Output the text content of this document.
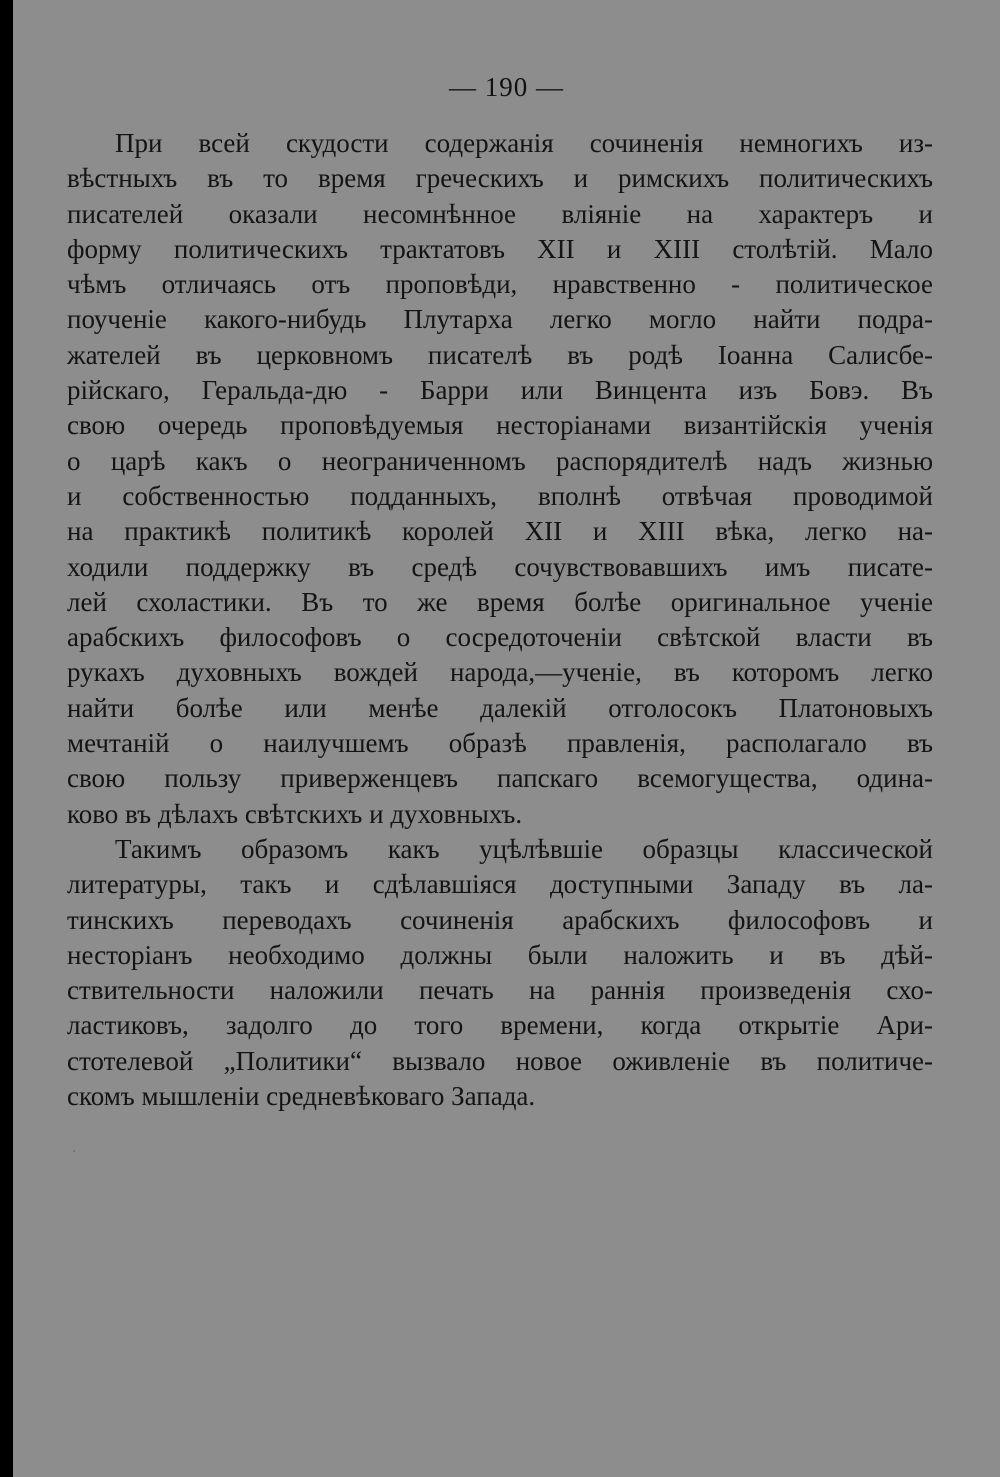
— 190 —
При всей скудости содержанія сочиненія немногихъ из-
вѣстныхъ въ то время греческихъ и римскихъ политическихъ
писателей оказали несомнѣнное вліяніе на характеръ и
форму политическихъ трактатовъ XII и XIII столѣтій. Мало
чѣмъ отличаясь отъ проповѣди, нравственно - политическое
поученіе какого-нибудь Плутарха легко могло найти подра-
жателей въ церковномъ писателѣ въ родѣ Іоанна Салисбе-
рійскаго, Геральда-дю - Барри или Винцента изъ Бовэ. Въ
свою очередь проповѣдуемыя несторіанами византійскія ученія
о царѣ какъ о неограниченномъ распорядителѣ надъ жизнью
и собственностью подданныхъ, вполнѣ отвѣчая проводимой
на практикѣ политикѣ королей XII и XIII вѣка, легко на-
ходили поддержку въ средѣ сочувствовавшихъ имъ писате-
лей схоластики. Въ то же время болѣе оригинальное ученіе
арабскихъ философовъ о сосредоточеніи свѣтской власти въ
рукахъ духовныхъ вождей народа,—ученіе, въ которомъ легко
найти болѣе или менѣе далекій отголосокъ Платоновыхъ
мечтаній о наилучшемъ образѣ правленія, располагало въ
свою пользу приверженцевъ папскаго всемогущества, одина-
ково въ дѣлахъ свѣтскихъ и духовныхъ.
Такимъ образомъ какъ уцѣлѣвшіе образцы классической
литературы, такъ и сдѣлавшіяся доступными Западу въ ла-
тинскихъ переводахъ сочиненія арабскихъ философовъ и
несторіанъ необходимо должны были наложить и въ дѣй-
ствительности наложили печать на раннія произведенія схо-
ластиковъ, задолго до того времени, когда открытіе Ари-
стотелевой „Политики“ вызвало новое оживленіе въ политиче-
скомъ мышленіи средневѣковаго Запада.
